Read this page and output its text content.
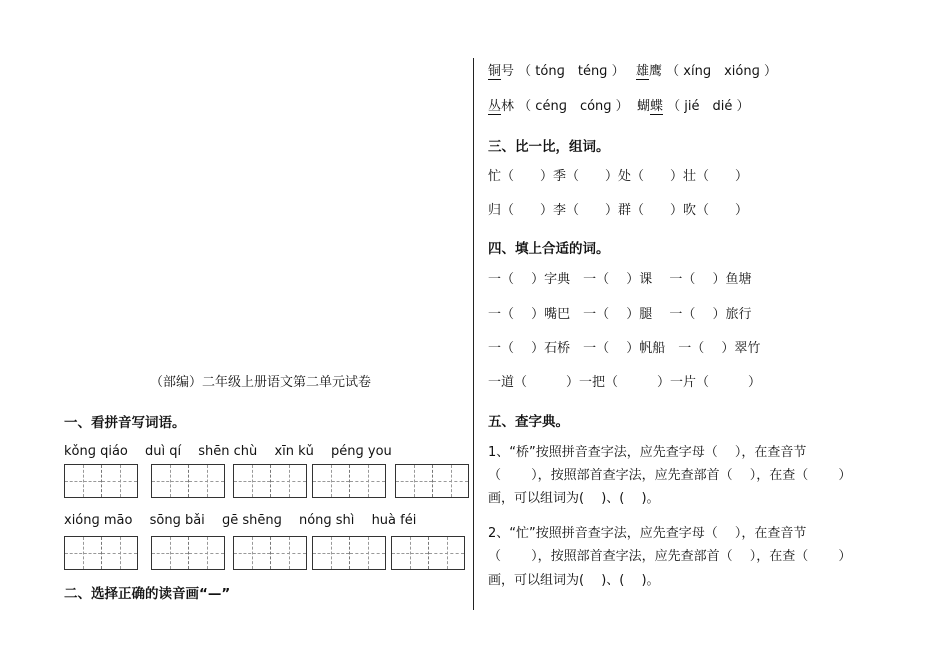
（部编）二年级上册语文第二单元试卷
一、看拼音写词语。
kǒnɡ qiáo duì qí shēn chù xīn kǔ pénɡ you
xiónɡ māo sōnɡ bǎi ɡē shēnɡ nónɡ shì huà féi
二、选择正确的读音画“—”
铜号 （ tónɡ　ténɡ ） 雄鹰 （ xínɡ　xiónɡ ）
丛林 （ cénɡ　cónɡ ） 蝴蝶 （ jié　dié ）
三、比一比，组词。
忙（　　）季（　　）处（　　）壮（　　）
归（　　）李（　　）群（　　）吹（　　）
四、填上合适的词。
一（　 ）字典　一（　 ）课　 一（　 ）鱼塘
一（　 ）嘴巴　一（　 ）腿　 一（　 ）旅行
一（　 ）石桥　一（　 ）帆船　一（　 ）翠竹
一道（　　　）一把（　　　）一片（　　　）
五、查字典。
1、“桥”按照拼音查字法，应先查字母（　 ），在查音节
（　　 ），按照部首查字法，应先查部首（　 ），在查（　　 ）
画，可以组词为(　 )、(　 )。
2、“忙”按照拼音查字法，应先查字母（　 ），在查音节
（　　 ），按照部首查字法，应先查部首（　 ），在查（　　 ）
画，可以组词为(　 )、(　 )。
